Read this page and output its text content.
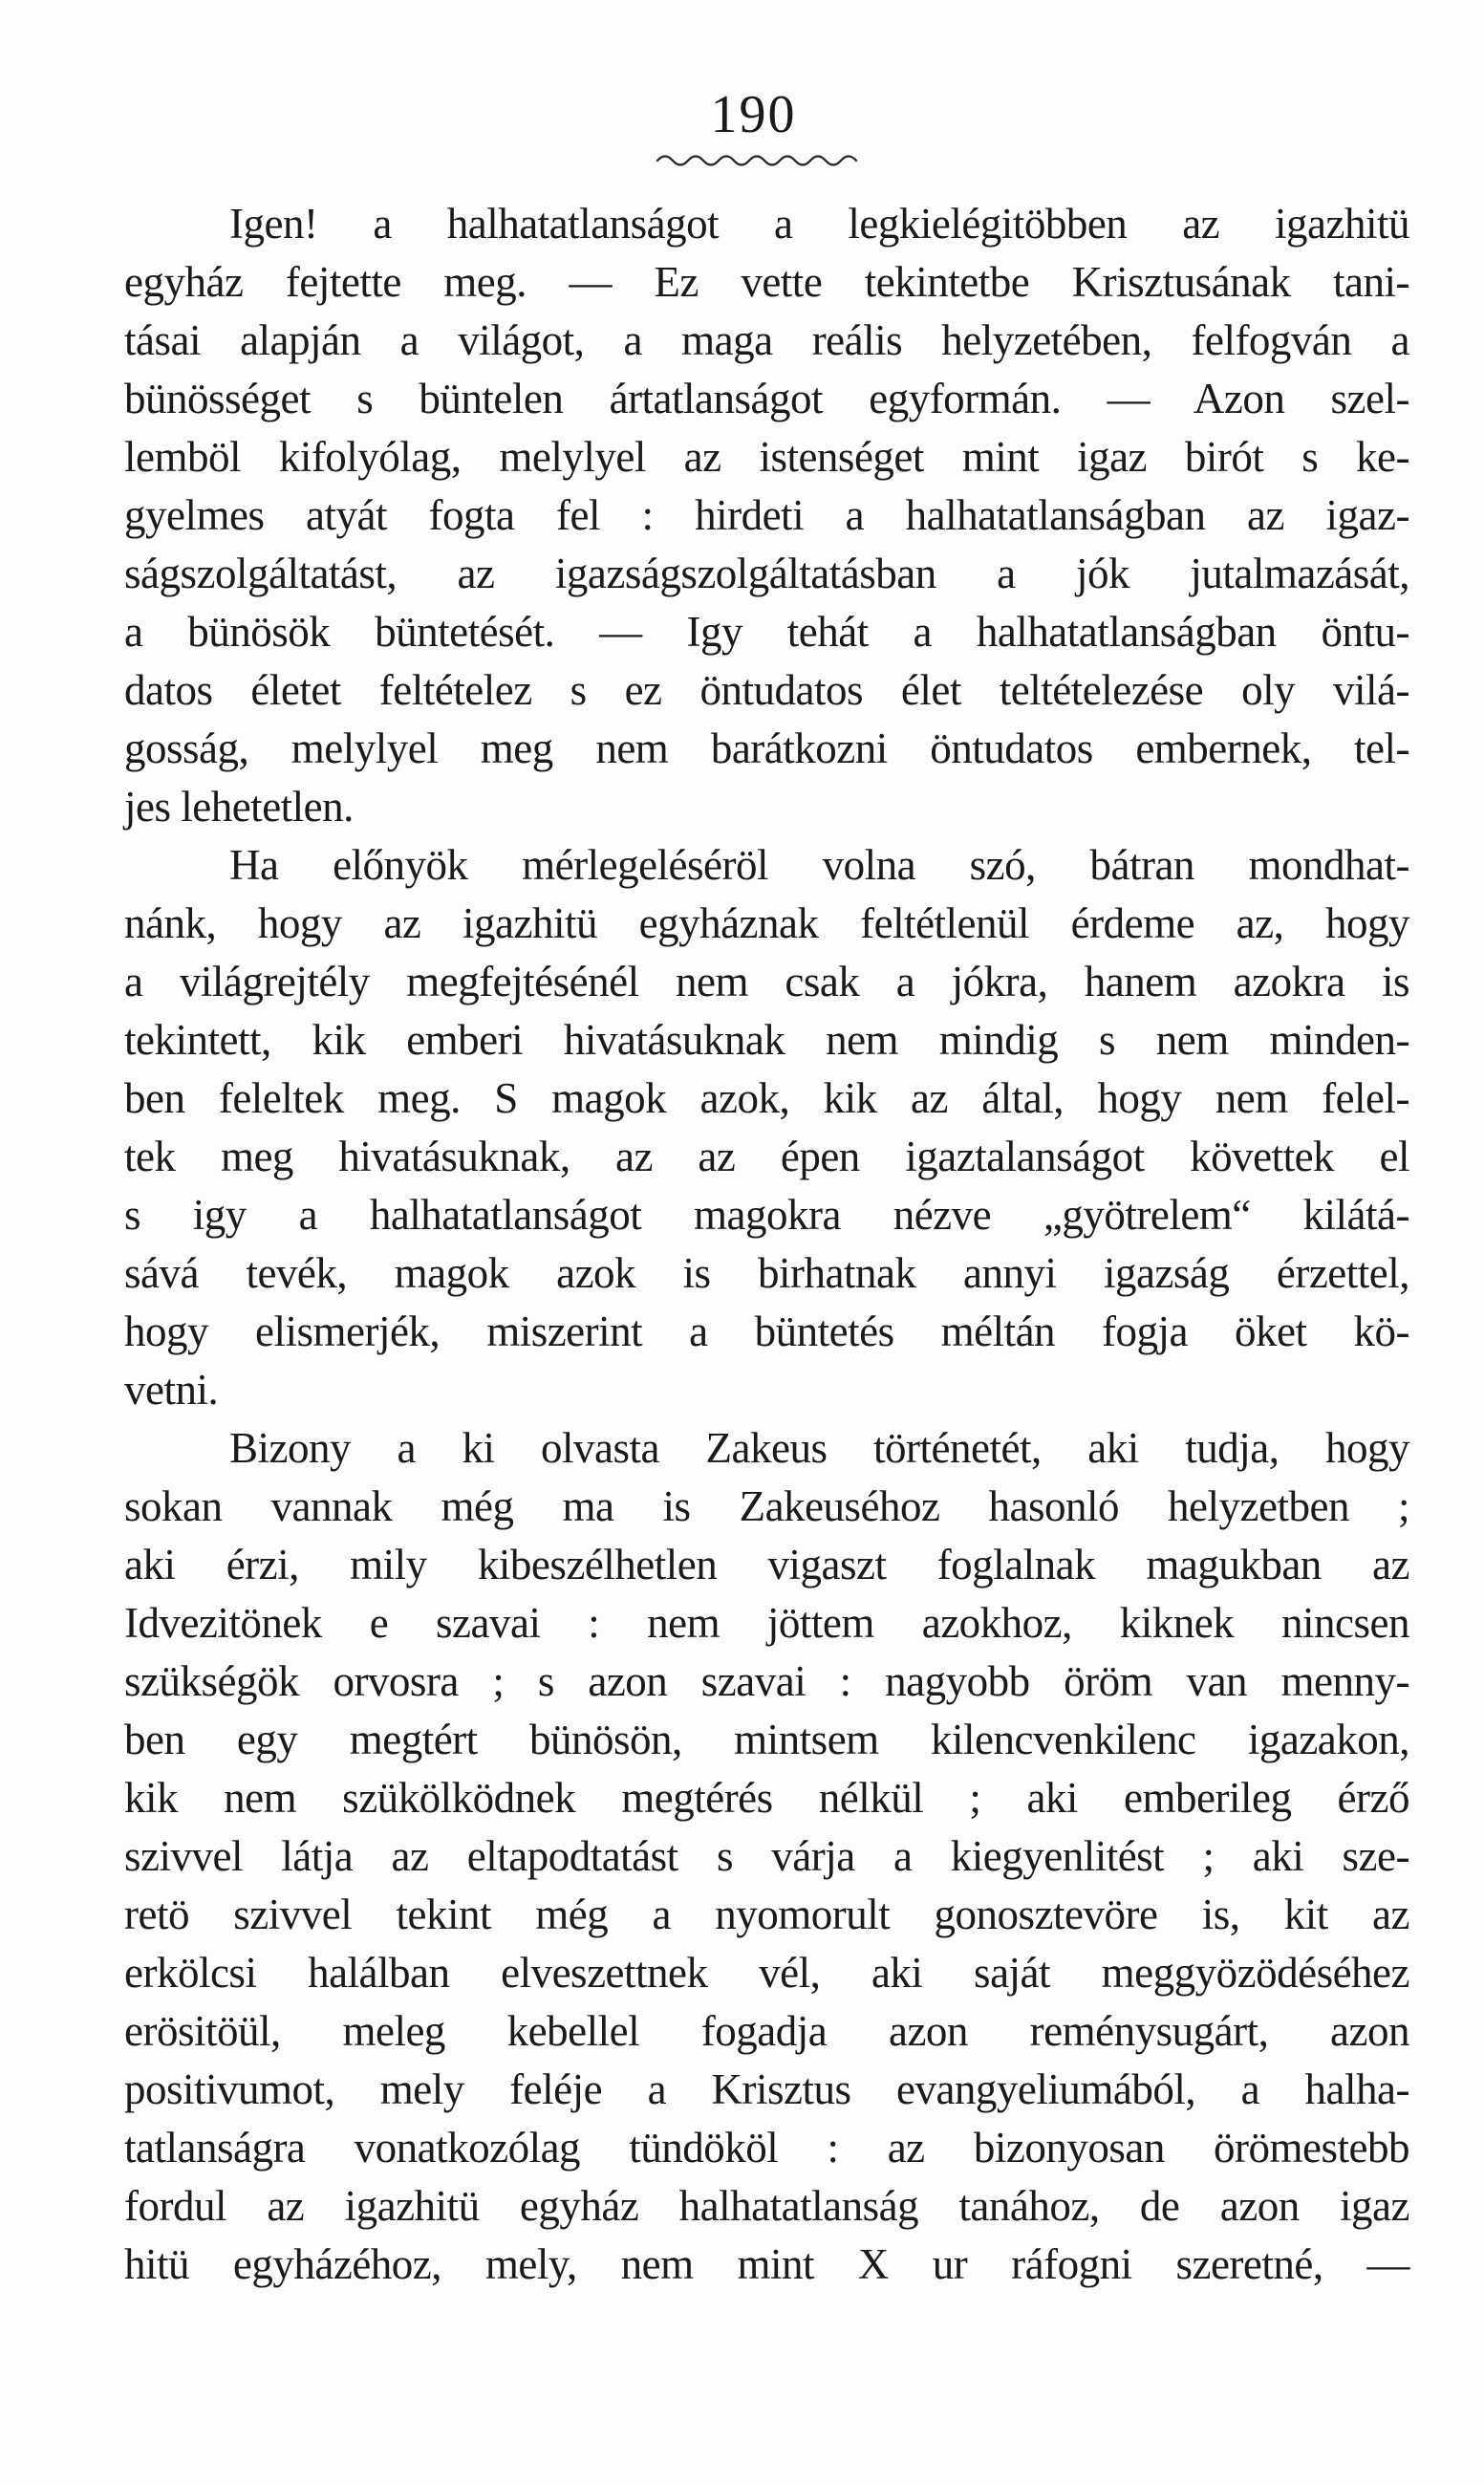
190
Igen! a halhatatlanságot a legkielégitöbben az igazhitü
egyház fejtette meg. — Ez vette tekintetbe Krisztusának tani-
tásai alapján a világot, a maga reális helyzetében, felfogván a
bünösséget s büntelen ártatlanságot egyformán. — Azon szel-
lemböl kifolyólag, melylyel az istenséget mint igaz birót s ke-
gyelmes atyát fogta fel : hirdeti a halhatatlanságban az igaz-
ságszolgáltatást, az igazságszolgáltatásban a jók jutalmazását,
a bünösök büntetését. — Igy tehát a halhatatlanságban öntu-
datos életet feltételez s ez öntudatos élet teltételezése oly vilá-
gosság, melylyel meg nem barátkozni öntudatos embernek, tel-
jes lehetetlen.
Ha előnyök mérlegeléséröl volna szó, bátran mondhat-
nánk, hogy az igazhitü egyháznak feltétlenül érdeme az, hogy
a világrejtély megfejtésénél nem csak a jókra, hanem azokra is
tekintett, kik emberi hivatásuknak nem mindig s nem minden-
ben feleltek meg. S magok azok, kik az által, hogy nem felel-
tek meg hivatásuknak, az az épen igaztalanságot követtek el
s igy a halhatatlanságot magokra nézve „gyötrelem“ kilátá-
sává tevék, magok azok is birhatnak annyi igazság érzettel,
hogy elismerjék, miszerint a büntetés méltán fogja öket kö-
vetni.
Bizony a ki olvasta Zakeus történetét, aki tudja, hogy
sokan vannak még ma is Zakeuséhoz hasonló helyzetben ;
aki érzi, mily kibeszélhetlen vigaszt foglalnak magukban az
Idvezitönek e szavai : nem jöttem azokhoz, kiknek nincsen
szükségök orvosra ; s azon szavai : nagyobb öröm van menny-
ben egy megtért bünösön, mintsem kilencvenkilenc igazakon,
kik nem szükölködnek megtérés nélkül ; aki emberileg érző
szivvel látja az eltapodtatást s várja a kiegyenlitést ; aki sze-
retö szivvel tekint még a nyomorult gonosztevöre is, kit az
erkölcsi halálban elveszettnek vél, aki saját meggyözödéséhez
erösitöül, meleg kebellel fogadja azon reménysugárt, azon
positivumot, mely feléje a Krisztus evangyeliumából, a halha-
tatlanságra vonatkozólag tündököl : az bizonyosan örömestebb
fordul az igazhitü egyház halhatatlanság tanához, de azon igaz
hitü egyházéhoz, mely, nem mint X ur ráfogni szeretné, —
